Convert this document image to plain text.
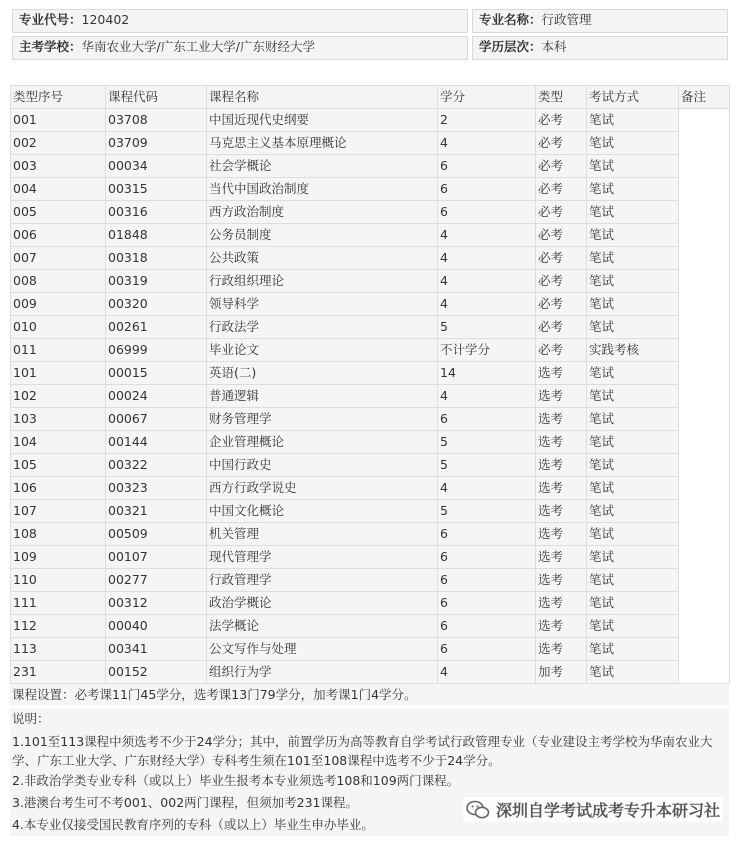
专业代号：120402	专业名称：行政管理
主考学校：华南农业大学/广东工业大学/广东财经大学	学历层次：本科
类型序号	课程代码	课程名称	学分	类型	考试方式	备注
001	03708	中国近现代史纲要	2	必考	笔试	
002	03709	马克思主义基本原理概论	4	必考	笔试	
003	00034	社会学概论	6	必考	笔试	
004	00315	当代中国政治制度	6	必考	笔试	
005	00316	西方政治制度	6	必考	笔试	
006	01848	公务员制度	4	必考	笔试	
007	00318	公共政策	4	必考	笔试	
008	00319	行政组织理论	4	必考	笔试	
009	00320	领导科学	4	必考	笔试	
010	00261	行政法学	5	必考	笔试	
011	06999	毕业论文	不计学分	必考	实践考核	
101	00015	英语(二)	14	选考	笔试	
102	00024	普通逻辑	4	选考	笔试	
103	00067	财务管理学	6	选考	笔试	
104	00144	企业管理概论	5	选考	笔试	
105	00322	中国行政史	5	选考	笔试	
106	00323	西方行政学说史	4	选考	笔试	
107	00321	中国文化概论	5	选考	笔试	
108	00509	机关管理	6	选考	笔试	
109	00107	现代管理学	6	选考	笔试	
110	00277	行政管理学	6	选考	笔试	
111	00312	政治学概论	6	选考	笔试	
112	00040	法学概论	6	选考	笔试	
113	00341	公文写作与处理	6	选考	笔试	
231	00152	组织行为学	4	加考	笔试	
课程设置：必考课11门45学分，选考课13门79学分，加考课1门4学分。
说明：
1.101至113课程中须选考不少于24学分；其中，前置学历为高等教育自学考试行政管理专业（专业建设主考学校为华南农业大学、广东工业大学、广东财经大学）专科考生须在101至108课程中选考不少于24学分。
2.非政治学类专业专科（或以上）毕业生报考本专业须选考108和109两门课程。
3.港澳台考生可不考001、002两门课程，但须加考231课程。
4.本专业仅接受国民教育序列的专科（或以上）毕业生申办毕业。
深圳自学考试成考专升本研习社
